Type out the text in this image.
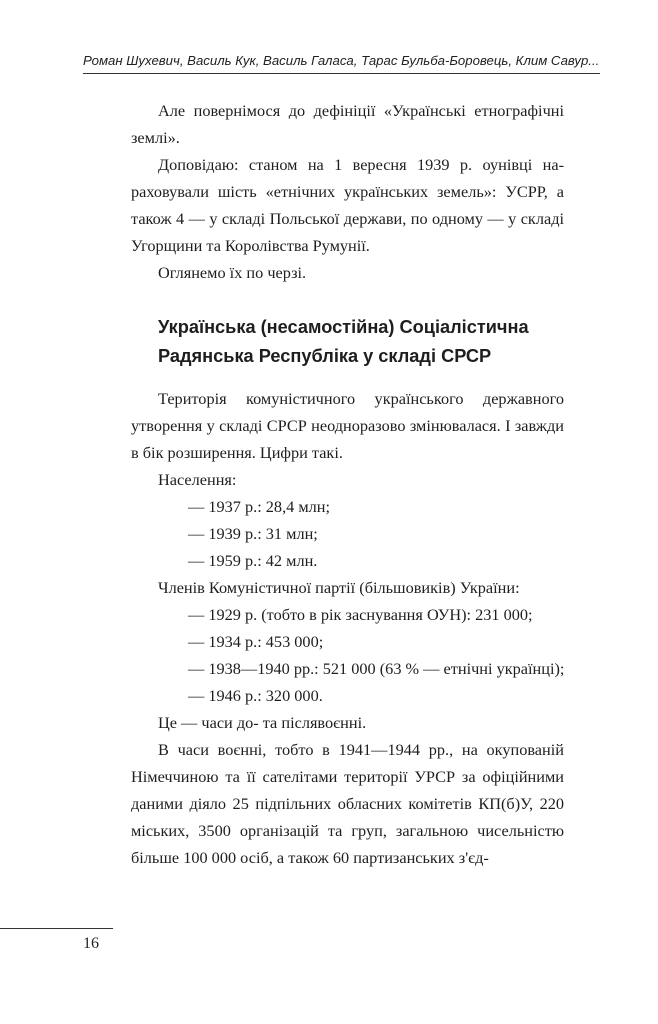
Роман Шухевич, Василь Кук, Василь Галаса, Тарас Бульба-Боровець, Клим Савур...

Але повернімося до дефініції «Українські етнографічні землі».

Доповідаю: станом на 1 вересня 1939 р. оунівці нараховували шість «етнічних українських земель»: УСРР, а також 4 — у складі Польської держави, по одному — у складі Угорщини та Королівства Румунії.

Оглянемо їх по черзі.

Українська (несамостійна) Соціалістична Радянська Республіка у складі СРСР

Територія комуністичного українського державного утворення у складі СРСР неодноразово змінювалася. І завжди в бік розширення. Цифри такі.

Населення:

— 1937 р.: 28,4 млн;

— 1939 р.: 31 млн;

— 1959 р.: 42 млн.

Членів Комуністичної партії (більшовиків) України:

— 1929 р. (тобто в рік заснування ОУН): 231 000;

— 1934 р.: 453 000;

— 1938—1940 рр.: 521 000 (63 % — етнічні українці);

— 1946 р.: 320 000.

Це — часи до- та післявоєнні.

В часи воєнні, тобто в 1941—1944 рр., на окупованій Німеччиною та її сателітами території УРСР за офіційними даними діяло 25 підпільних обласних комітетів КП(б)У, 220 міських, 3500 організацій та груп, загальною чисельністю більше 100 000 осіб, а також 60 партизанських з'єд-

16
